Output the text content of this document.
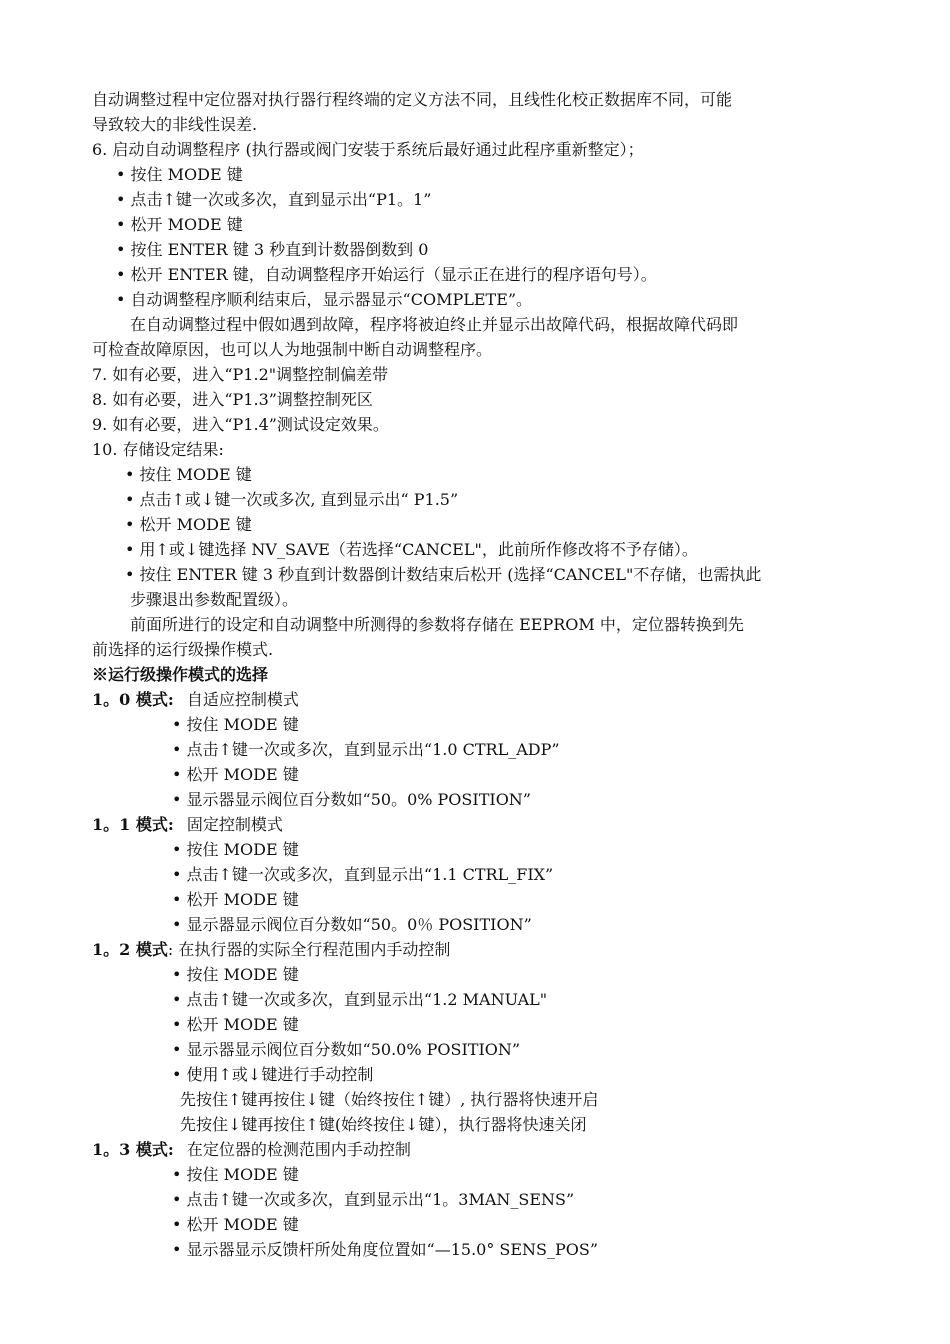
自动调整过程中定位器对执行器行程终端的定义方法不同，且线性化校正数据库不同，可能
导致较大的非线性误差.
6. 启动自动调整程序 (执行器或阀门安装于系统后最好通过此程序重新整定）；
• 按住 MODE 键
• 点击↑键一次或多次，直到显示出“P1。1”
• 松开 MODE 键
• 按住 ENTER 键 3 秒直到计数器倒数到 0
• 松开 ENTER 键，自动调整程序开始运行（显示正在进行的程序语句号）。
• 自动调整程序顺利结束后，显示器显示“COMPLETE”。
在自动调整过程中假如遇到故障，程序将被迫终止并显示出故障代码，根据故障代码即
可检查故障原因，也可以人为地强制中断自动调整程序。
7. 如有必要，进入“P1.2"调整控制偏差带
8. 如有必要，进入“P1.3”调整控制死区
9. 如有必要，进入“P1.4”测试设定效果。
10. 存储设定结果:
• 按住 MODE 键
• 点击↑或↓键一次或多次, 直到显示出“ P1.5”
• 松开 MODE 键
• 用↑或↓键选择 NV_SAVE（若选择“CANCEL"，此前所作修改将不予存储）。
• 按住 ENTER 键 3 秒直到计数器倒计数结束后松开 (选择“CANCEL"不存储，也需执此
步骤退出参数配置级）。
前面所进行的设定和自动调整中所测得的参数将存储在 EEPROM 中，定位器转换到先
前选择的运行级操作模式.
※运行级操作模式的选择
1。0 模式: 自适应控制模式
• 按住 MODE 键
• 点击↑键一次或多次，直到显示出“1.0 CTRL_ADP”
• 松开 MODE 键
• 显示器显示阀位百分数如“50。0% POSITION”
1。1 模式: 固定控制模式
• 按住 MODE 键
• 点击↑键一次或多次，直到显示出“1.1 CTRL_FIX”
• 松开 MODE 键
• 显示器显示阀位百分数如“50。0％ POSITION”
1。2 模式: 在执行器的实际全行程范围内手动控制
• 按住 MODE 键
• 点击↑键一次或多次，直到显示出“1.2 MANUAL"
• 松开 MODE 键
• 显示器显示阀位百分数如“50.0% POSITION”
• 使用↑或↓键进行手动控制
先按住↑键再按住↓键（始终按住↑键）, 执行器将快速开启
先按住↓键再按住↑键(始终按住↓键），执行器将快速关闭
1。3 模式: 在定位器的检测范围内手动控制
• 按住 MODE 键
• 点击↑键一次或多次，直到显示出“1。3MAN_SENS”
• 松开 MODE 键
• 显示器显示反馈杆所处角度位置如“—15.0° SENS_POS”
